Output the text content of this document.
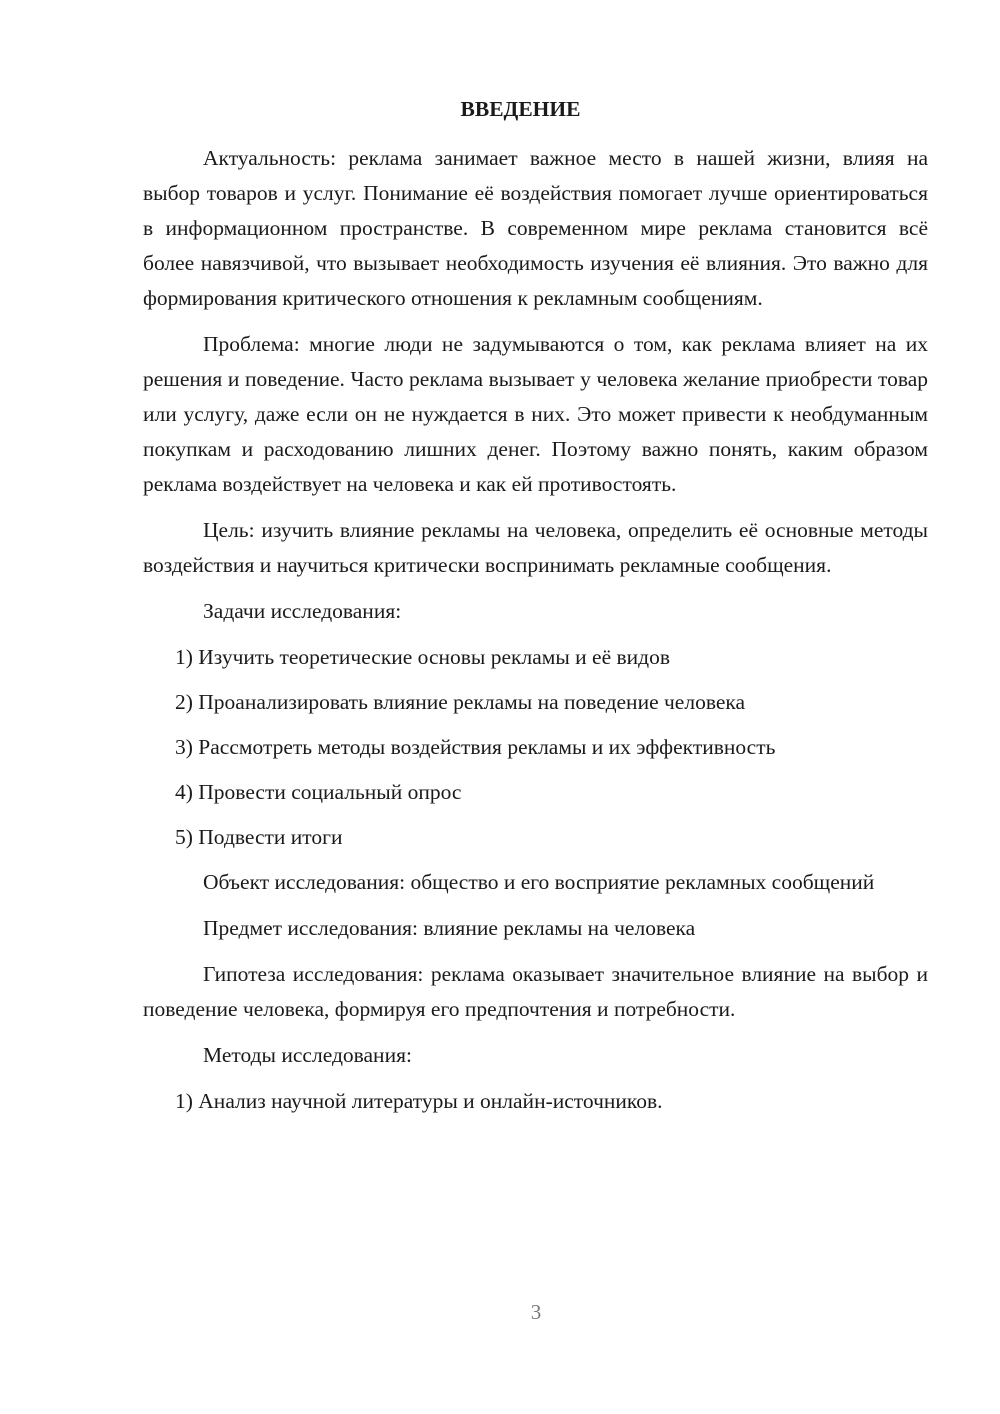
ВВЕДЕНИЕ

Актуальность: реклама занимает важное место в нашей жизни, влияя на выбор товаров и услуг. Понимание её воздействия помогает лучше ориентироваться в информационном пространстве. В современном мире реклама становится всё более навязчивой, что вызывает необходимость изучения её влияния. Это важно для формирования критического отношения к рекламным сообщениям.

Проблема: многие люди не задумываются о том, как реклама влияет на их решения и поведение. Часто реклама вызывает у человека желание приобрести товар или услугу, даже если он не нуждается в них. Это может привести к необдуманным покупкам и расходованию лишних денег. Поэтому важно понять, каким образом реклама воздействует на человека и как ей противостоять.

Цель: изучить влияние рекламы на человека, определить её основные методы воздействия и научиться критически воспринимать рекламные сообщения.

Задачи исследования:

1) Изучить теоретические основы рекламы и её видов
2) Проанализировать влияние рекламы на поведение человека
3) Рассмотреть методы воздействия рекламы и их эффективность
4) Провести социальный опрос
5) Подвести итоги

Объект исследования: общество и его восприятие рекламных сообщений

Предмет исследования: влияние рекламы на человека

Гипотеза исследования: реклама оказывает значительное влияние на выбор и поведение человека, формируя его предпочтения и потребности.

Методы исследования:

1) Анализ научной литературы и онлайн-источников.
3
